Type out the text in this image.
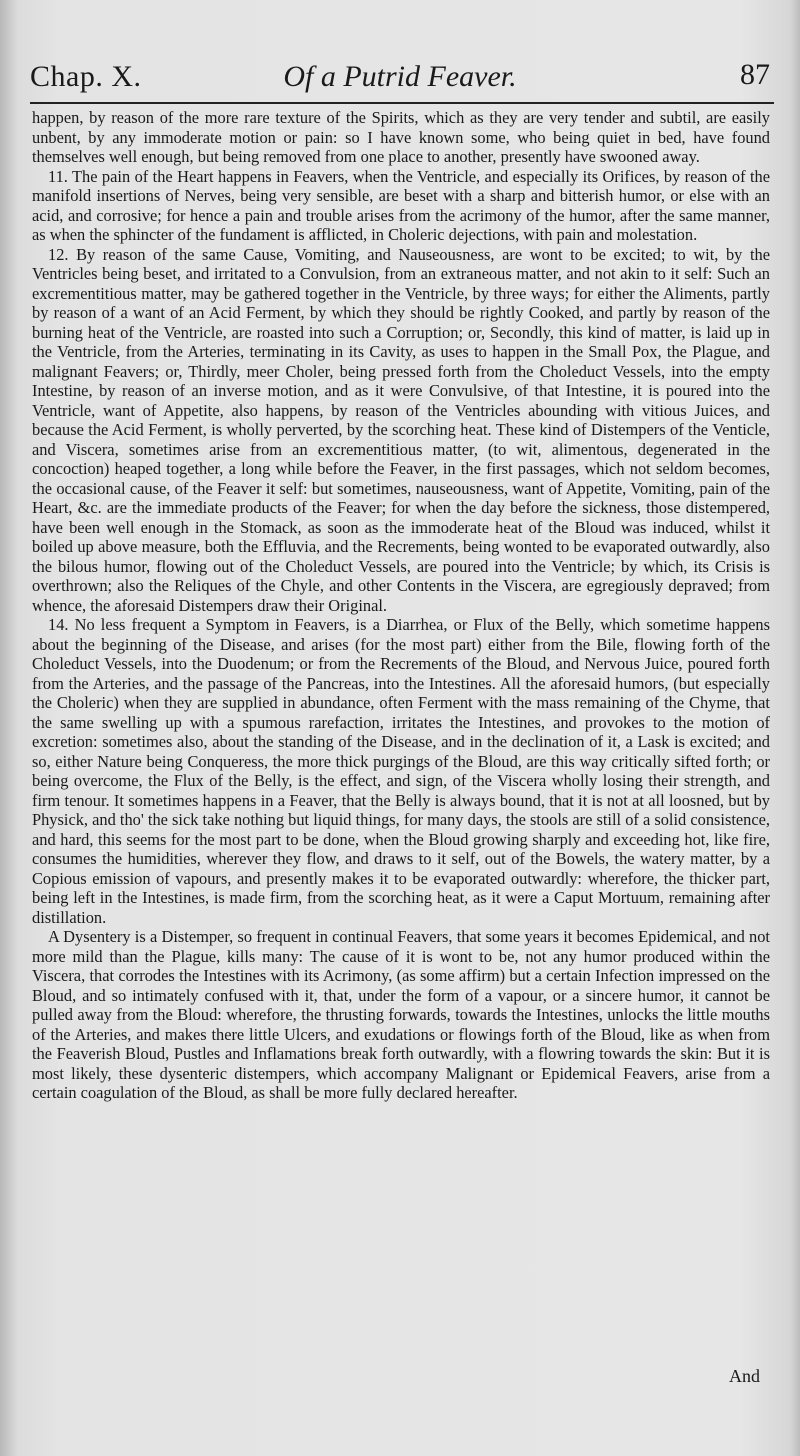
Chap. X.	Of a Putrid Feaver.	87

happen, by reason of the more rare texture of the Spirits, which as they are very tender and subtil, are easily unbent, by any immoderate motion or pain: so I have known some, who being quiet in bed, have found themselves well enough, but being removed from one place to another, presently have swooned away.

11. The pain of the Heart happens in Feavers, when the Ventricle, and especially its Orifices, by reason of the manifold insertions of Nerves, being very sensible, are beset with a sharp and bitterish humor, or else with an acid, and corrosive; for hence a pain and trouble arises from the acrimony of the humor, after the same manner, as when the sphincter of the fundament is afflicted, in Choleric dejections, with pain and molestation.

12. By reason of the same Cause, Vomiting, and Nauseousness, are wont to be excited; to wit, by the Ventricles being beset, and irritated to a Convulsion, from an extraneous matter, and not akin to it self: Such an excrementitious matter, may be gathered together in the Ventricle, by three ways; for either the Aliments, partly by reason of a want of an Acid Ferment, by which they should be rightly Cooked, and partly by reason of the burning heat of the Ventricle, are roasted into such a Corruption; or, Secondly, this kind of matter, is laid up in the Ventricle, from the Arteries, terminating in its Cavity, as uses to happen in the Small Pox, the Plague, and malignant Feavers; or, Thirdly, meer Choler, being pressed forth from the Choleduct Vessels, into the empty Intestine, by reason of an inverse motion, and as it were Convulsive, of that Intestine, it is poured into the Ventricle, want of Appetite, also happens, by reason of the Ventricles abounding with vitious Juices, and because the Acid Ferment, is wholly perverted, by the scorching heat. These kind of Distempers of the Venticle, and Viscera, sometimes arise from an excrementitious matter, (to wit, alimentous, degenerated in the concoction) heaped together, a long while before the Feaver, in the first passages, which not seldom becomes, the occasional cause, of the Feaver it self: but sometimes, nauseousness, want of Appetite, Vomiting, pain of the Heart, &c. are the immediate products of the Feaver; for when the day before the sickness, those distempered, have been well enough in the Stomack, as soon as the immoderate heat of the Bloud was induced, whilst it boiled up above measure, both the Effluvia, and the Recrements, being wonted to be evaporated outwardly, also the bilous humor, flowing out of the Choleduct Vessels, are poured into the Ventricle; by which, its Crisis is overthrown; also the Reliques of the Chyle, and other Contents in the Viscera, are egregiously depraved; from whence, the aforesaid Distempers draw their Original.

14. No less frequent a Symptom in Feavers, is a Diarrhea, or Flux of the Belly, which sometime happens about the beginning of the Disease, and arises (for the most part) either from the Bile, flowing forth of the Choleduct Vessels, into the Duodenum; or from the Recrements of the Bloud, and Nervous Juice, poured forth from the Arteries, and the passage of the Pancreas, into the Intestines. All the aforesaid humors, (but especially the Choleric) when they are supplied in abundance, often Ferment with the mass remaining of the Chyme, that the same swelling up with a spumous rarefaction, irritates the Intestines, and provokes to the motion of excretion: sometimes also, about the standing of the Disease, and in the declination of it, a Lask is excited; and so, either Nature being Conqueress, the more thick purgings of the Bloud, are this way critically sifted forth; or being overcome, the Flux of the Belly, is the effect, and sign, of the Viscera wholly losing their strength, and firm tenour. It sometimes happens in a Feaver, that the Belly is always bound, that it is not at all loosned, but by Physick, and tho' the sick take nothing but liquid things, for many days, the stools are still of a solid consistence, and hard, this seems for the most part to be done, when the Bloud growing sharply and exceeding hot, like fire, consumes the humidities, wherever they flow, and draws to it self, out of the Bowels, the watery matter, by a Copious emission of vapours, and presently makes it to be evaporated outwardly: wherefore, the thicker part, being left in the Intestines, is made firm, from the scorching heat, as it were a Caput Mortuum, remaining after distillation.

A Dysentery is a Distemper, so frequent in continual Feavers, that some years it becomes Epidemical, and not more mild than the Plague, kills many: The cause of it is wont to be, not any humor produced within the Viscera, that corrodes the Intestines with its Acrimony, (as some affirm) but a certain Infection impressed on the Bloud, and so intimately confused with it, that, under the form of a vapour, or a sincere humor, it cannot be pulled away from the Bloud: wherefore, the thrusting forwards, towards the Intestines, unlocks the little mouths of the Arteries, and makes there little Ulcers, and exudations or flowings forth of the Bloud, like as when from the Feaverish Bloud, Pustles and Inflamations break forth outwardly, with a flowring towards the skin: But it is most likely, these dysenteric distempers, which accompany Malignant or Epidemical Feavers, arise from a certain coagulation of the Bloud, as shall be more fully declared hereafter.

And
